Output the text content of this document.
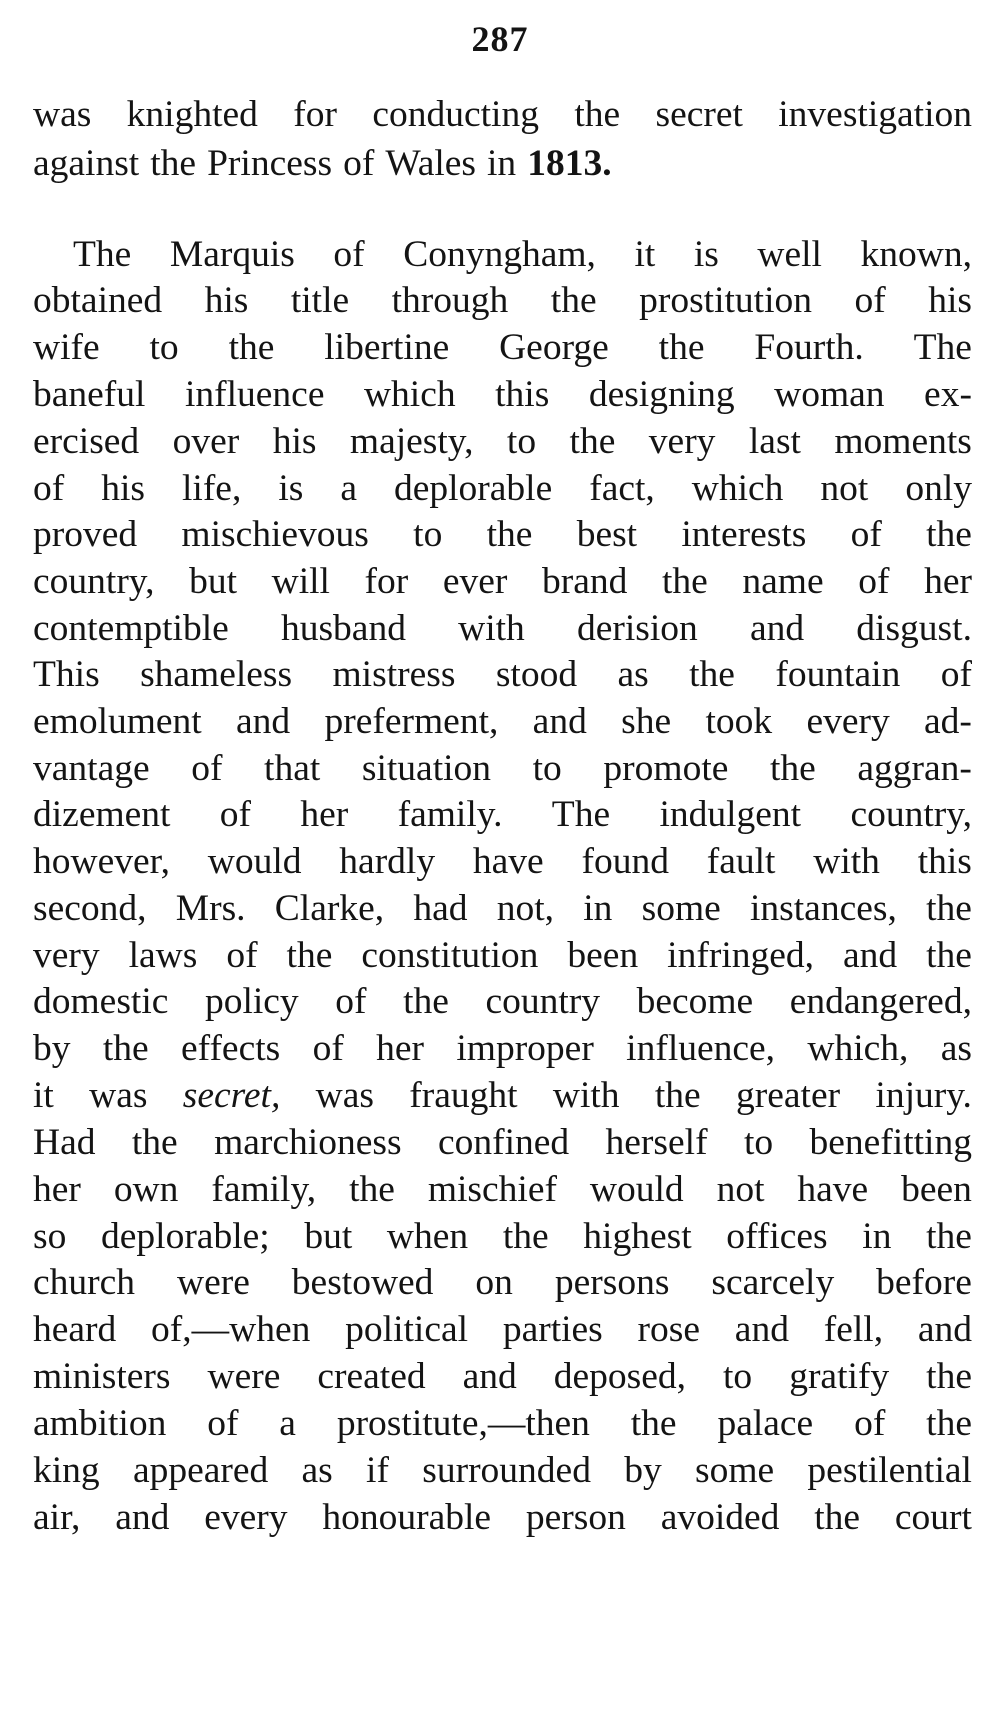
287
was knighted for conducting the secret investigation
against the Princess of Wales in 1813.
The Marquis of Conyngham, it is well known,
obtained his title through the prostitution of his
wife to the libertine George the Fourth. The
baneful influence which this designing woman ex-
ercised over his majesty, to the very last moments
of his life, is a deplorable fact, which not only
proved mischievous to the best interests of the
country, but will for ever brand the name of her
contemptible husband with derision and disgust.
This shameless mistress stood as the fountain of
emolument and preferment, and she took every ad-
vantage of that situation to promote the aggran-
dizement of her family. The indulgent country,
however, would hardly have found fault with this
second, Mrs. Clarke, had not, in some instances, the
very laws of the constitution been infringed, and the
domestic policy of the country become endangered,
by the effects of her improper influence, which, as
it was secret, was fraught with the greater injury.
Had the marchioness confined herself to benefitting
her own family, the mischief would not have been
so deplorable; but when the highest offices in the
church were bestowed on persons scarcely before
heard of,—when political parties rose and fell, and
ministers were created and deposed, to gratify the
ambition of a prostitute,—then the palace of the
king appeared as if surrounded by some pestilential
air, and every honourable person avoided the court
